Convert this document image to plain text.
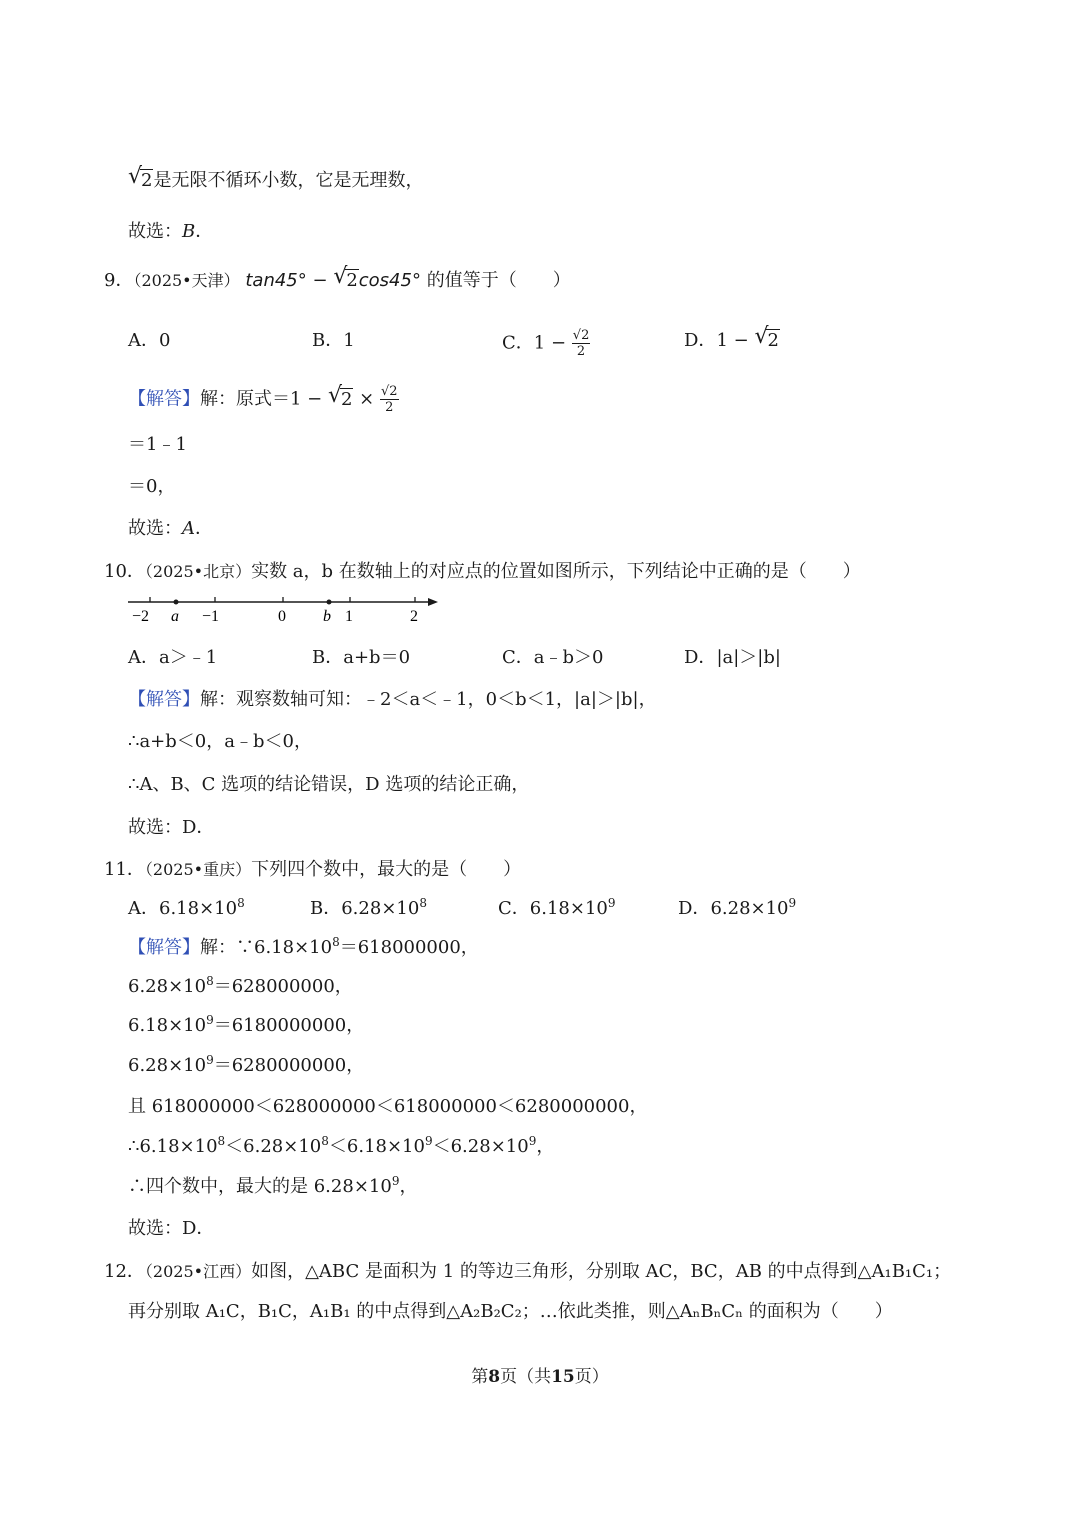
√ 2是无限不循环小数，它是无理数，
故选：B．
9．（2025•天津） tan45° − √ 2cos45° 的值等于（　　）
A．0	B．1	C．$1 - \frac{√2}{2}$	D．1 − √ 2
【解答】解：原式＝1 − √ $2 \times \frac{√2}{2}$
＝1﹣1
＝0，
故选：A．
10．（2025•北京）实数 a，b 在数轴上的对应点的位置如图所示，下列结论中正确的是（　　）
−2	−1	0	1	2
a	b
A．a＞﹣1	B．a+b＝0	C．a﹣b＞0	D．|a|＞|b|
【解答】解：观察数轴可知：﹣2＜a＜﹣1，0＜b＜1，|a|＞|b|，
∴a+b＜0，a﹣b＜0，
∴A、B、C 选项的结论错误，D 选项的结论正确，
故选：D．
11．（2025•重庆）下列四个数中，最大的是（　　）
A．$6.18\times 10^8$	B．$6.28\times 10^8$	C．$6.18\times 10^9$	D．$6.28\times 10^9$
【解答】解：$\because 6.18\times 10^8=618000000$，
$6.28\times 10^8=628000000$，
$6.18\times 10^9=6180000000$，
$6.28\times 10^9=6280000000$，
且 618000000＜628000000＜618000000＜6280000000，
$\therefore 6.18\times 10^8<6.28\times 10^8<6.18\times 10^9<6.28\times 10^9$，
∴四个数中，最大的是 $6.28\times 10^9$，
故选：D．
12．（2025•江西）如图，△ABC 是面积为 1 的等边三角形，分别取 AC，BC，AB 的中点得到△A₁B₁C₁；
再分别取 A₁C，B₁C，A₁B₁ 的中点得到△A₂B₂C₂；…依此类推，则△AₙBₙCₙ 的面积为（　　）
第8页（共15页）
